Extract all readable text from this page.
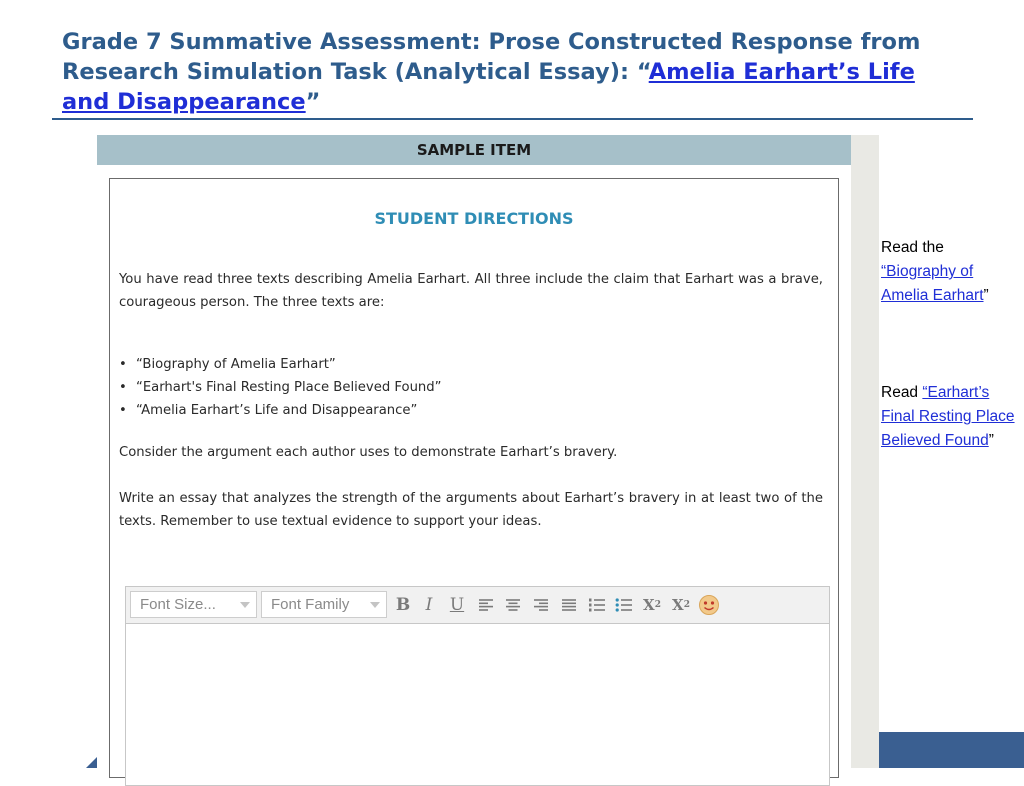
Grade 7 Summative Assessment: Prose Constructed Response from Research Simulation Task (Analytical Essay): “Amelia Earhart’s Life and Disappearance”
SAMPLE ITEM
STUDENT DIRECTIONS
You have read three texts describing Amelia Earhart. All three include the claim that Earhart was a brave, courageous person. The three texts are:
• “Biography of Amelia Earhart”
• “Earhart's Final Resting Place Believed Found”
• “Amelia Earhart’s Life and Disappearance”
Consider the argument each author uses to demonstrate Earhart’s bravery.
Write an essay that analyzes the strength of the arguments about Earhart’s bravery in at least two of the texts. Remember to use textual evidence to support your ideas.
Font Size...	Font Family	B I	U	X 2 X 2
Read the
“Biography of Amelia Earhart”
Read “Earhart’s
Final Resting Place
Believed Found”
